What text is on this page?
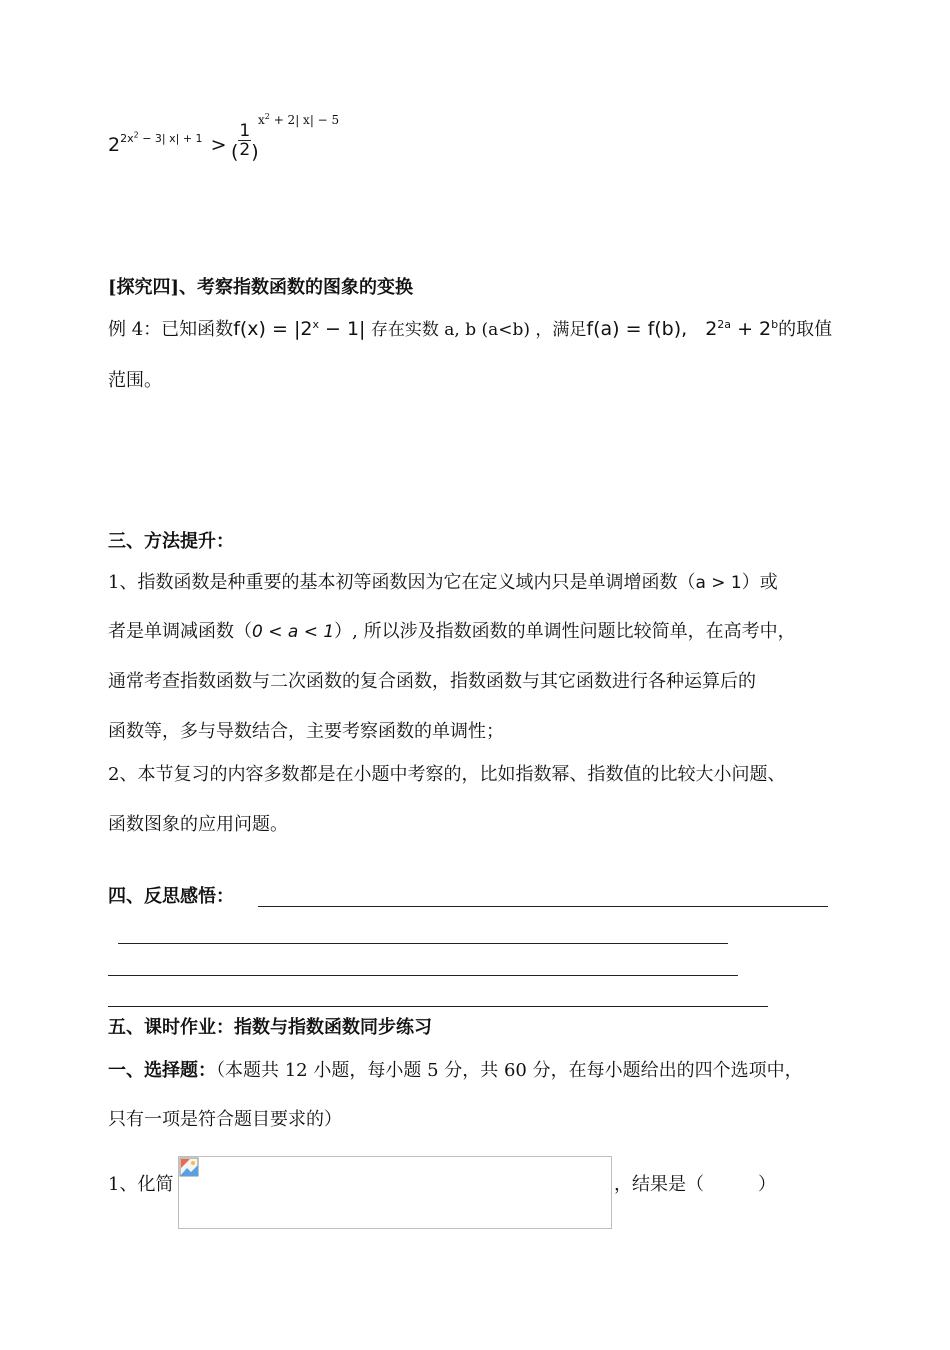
$2^{2x^2 - 3| x| + 1}$ > ( $\frac{1}{2}$ )
$x^2 + 2|$ x| − 5
[探究四]、考察指数函数的图象的变换
例 4：已知函数$f(x) = |2^x - 1|$ 存在实数 a, b (a<b) ，满足f(a) = f(b), $2^{2a} + 2^b$的取值
范围。
三、方法提升：
1、指数函数是种重要的基本初等函数因为它在定义域内只是单调增函数（a > 1）或
者是单调减函数（0 < a < 1）, 所以涉及指数函数的单调性问题比较简单，在高考中，
通常考查指数函数与二次函数的复合函数，指数函数与其它函数进行各种运算后的
函数等，多与导数结合，主要考察函数的单调性；
2、本节复习的内容多数都是在小题中考察的，比如指数幂、指数值的比较大小问题、
函数图象的应用问题。
四、反思感悟：
五、课时作业：指数与指数函数同步练习
一、选择题：（本题共 12 小题，每小题 5 分，共 60 分，在每小题给出的四个选项中，
只有一项是符合题目要求的）
1、化简	，结果是（　　　）
